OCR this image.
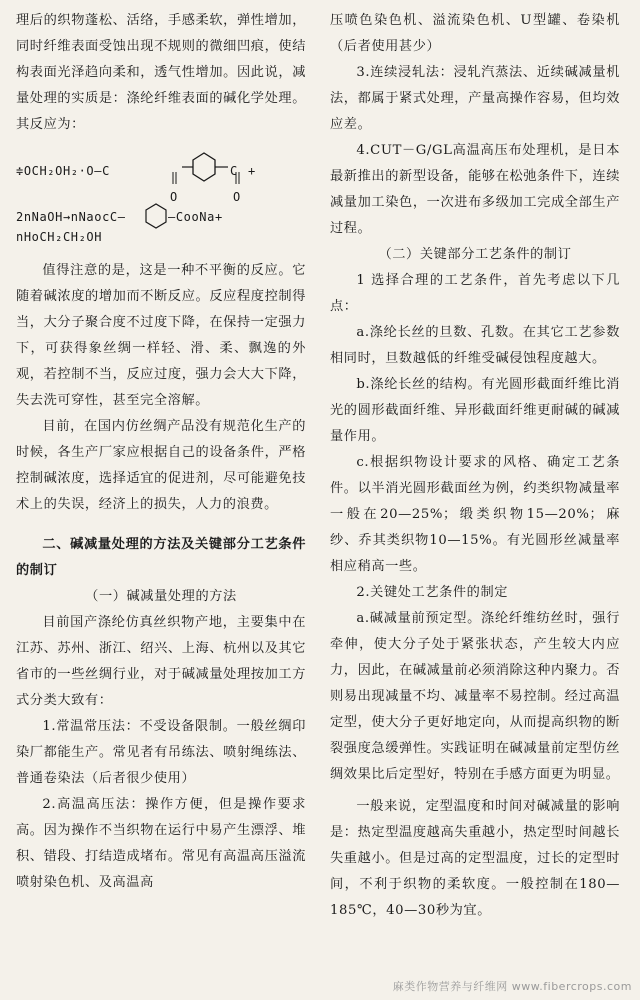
理后的织物蓬松、活络，手感柔软，弹性增加，同时纤维表面受蚀出现不规则的微细凹痕，使结构表面光泽趋向柔和，透气性增加。因此说，减量处理的实质是：涤纶纤维表面的碱化学处理。其反应为：

≑OCH₂OH₂·O—C	C +
O	O
2nNaOH→nNaocC—	—CooNa+
nHoCH₂CH₂OH

值得注意的是，这是一种不平衡的反应。它随着碱浓度的增加而不断反应。反应程度控制得当，大分子聚合度不过度下降，在保持一定强力下，可获得象丝绸一样轻、滑、柔、飘逸的外观，若控制不当，反应过度，强力会大大下降，失去洗可穿性，甚至完全溶解。

目前，在国内仿丝绸产品没有规范化生产的时候，各生产厂家应根据自己的设备条件，严格控制碱浓度，选择适宜的促进剂，尽可能避免技术上的失误，经济上的损失，人力的浪费。

二、碱减量处理的方法及关键部分工艺条件的制订

（一）碱减量处理的方法

目前国产涤纶仿真丝织物产地，主要集中在江苏、苏州、浙江、绍兴、上海、杭州以及其它省市的一些丝绸行业，对于碱减量处理按加工方式分类大致有：

1.常温常压法：不受设备限制。一般丝绸印染厂都能生产。常见者有吊练法、喷射绳练法、普通卷染法（后者很少使用）

2.高温高压法：操作方便，但是操作要求高。因为操作不当织物在运行中易产生漂浮、堆积、错段、打结造成堵布。常见有高温高压溢流喷射染色机、及高温高

压喷色染色机、溢流染色机、U型罐、卷染机（后者使用甚少）

3.连续浸轧法：浸轧汽蒸法、近续碱减量机法，都属于紧式处理，产量高操作容易，但均效应差。

4.CUT－G/GL高温高压布处理机，是日本最新推出的新型设备，能够在松弛条件下，连续减量加工染色，一次进布多级加工完成全部生产过程。

（二）关键部分工艺条件的制订

1 选择合理的工艺条件，首先考虑以下几点：

a.涤纶长丝的旦数、孔数。在其它工艺参数相同时，旦数越低的纤维受碱侵蚀程度越大。

b.涤纶长丝的结构。有光圆形截面纤维比消光的圆形截面纤维、异形截面纤维更耐碱的碱减量作用。

c.根据织物设计要求的风格、确定工艺条件。以半消光圆形截面丝为例，约类织物减量率一般在20—25%；缎类织物15—20%；麻纱、乔其类织物10—15%。有光圆形丝减量率相应稍高一些。

2.关键处工艺条件的制定

a.碱减量前预定型。涤纶纤维纺丝时，强行牵伸，使大分子处于紧张状态，产生较大内应力，因此，在碱减量前必须消除这种内聚力。否则易出现减量不均、减量率不易控制。经过高温定型，使大分子更好地定向，从而提高织物的断裂强度急缓弹性。实践证明在碱减量前定型仿丝绸效果比后定型好，特别在手感方面更为明显。

一般来说，定型温度和时间对碱减量的影响是：热定型温度越高失重越小，热定型时间越长失重越小。但是过高的定型温度，过长的定型时间，不利于织物的柔软度。一般控制在180—185℃，40—30秒为宜。

麻类作物营养与纤维网 www.fibercrops.com
